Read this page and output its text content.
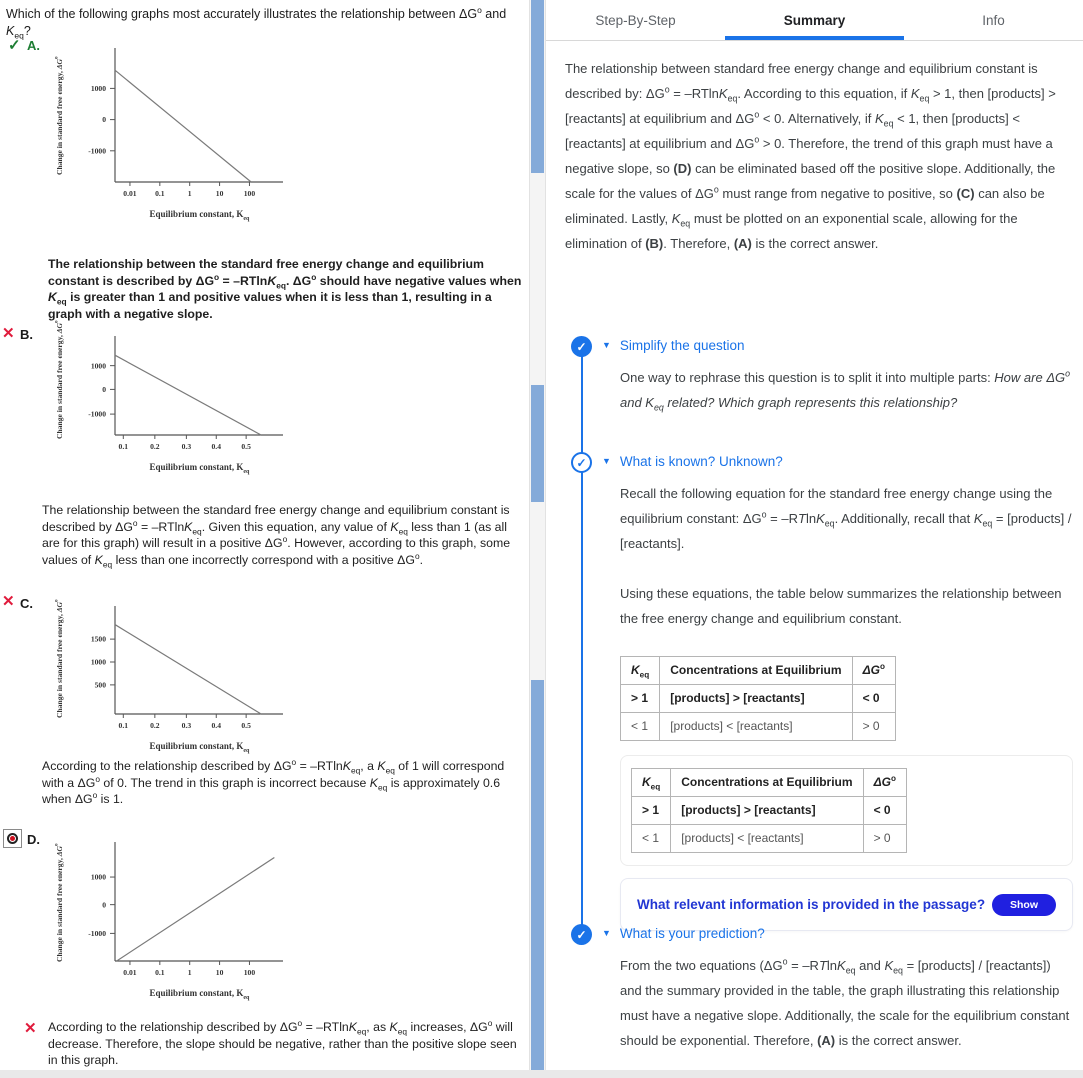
Which of the following graphs most accurately illustrates the relationship between $\Delta G^o$ and $K_{eq}$?
✓ A.
Change in standard free energy, $\Delta G^o$
1000
0
-1000
0.01 0.1	1	10	100
Equilibrium constant, $K_{eq}$
The relationship between the standard free energy change and equilibrium constant is described by $\Delta G^o = -RTlnK_{eq}$. $\Delta G^o$ should have negative values when $K_{eq}$ is greater than 1 and positive values when it is less than 1, resulting in a graph with a negative slope.
✕ B.	Change in standard free energy, $\Delta G^o$
1000
0
-1000
0.1	0.2	0.3	0.4	0.5
Equilibrium constant, $K_{eq}$
The relationship between the standard free energy change and equilibrium constant is described by $\Delta G^o = -RTlnK_{eq}$. Given this equation, any value of $K_{eq}$ less than 1 (as all are for this graph) will result in a positive $\Delta G^o$. However, according to this graph, some values of $K_{eq}$ less than one incorrectly correspond with a positive $\Delta G^o$.
✕ C.
Change in standard free energy, $\Delta G^o$
1500
1000
500
0.1	0.2	0.3	0.4	0.5
Equilibrium constant, $K_{eq}$
According to the relationship described by $\Delta G^o = -RTlnK_{eq}$, a $K_{eq}$ of 1 will correspond with a $\Delta G^o$ of 0. The trend in this graph is incorrect because $K_{eq}$ is approximately 0.6 when $\Delta G^o$ is 1.
D.
Change in standard free energy, $\Delta G^o$
1000
0
-1000
0.01 0.1	1	10	100
Equilibrium constant, $K_{eq}$
✕ According to the relationship described by $\Delta G^o = -RTlnK_{eq}$, as $K_{eq}$ increases, $\Delta G^o$ will decrease. Therefore, the slope should be negative, rather than the positive slope seen in this graph.
Step-By-Step	Summary	Info
The relationship between standard free energy change and equilibrium constant is described by: $\Delta G^o = -RTlnK_{eq}$. According to this equation, if $K_{eq} > 1$, then [products] > [reactants] at equilibrium and $\Delta G^o < 0$. Alternatively, if $K_{eq} < 1$, then [products] < [reactants] at equilibrium and $\Delta G^o > 0$. Therefore, the trend of this graph must have a negative slope, so (D) can be eliminated based off the positive slope. Additionally, the scale for the values of $\Delta G^o$ must range from negative to positive, so (C) can also be eliminated. Lastly, $K_{eq}$ must be plotted on an exponential scale, allowing for the elimination of (B). Therefore, (A) is the correct answer.
✓	▼ Simplify the question

One way to rephrase this question is to split it into multiple parts: How are $\Delta G^o$ and $K_{eq}$ related? Which graph represents this relationship?

✓	▼ What is known? Unknown?

Recall the following equation for the standard free energy change using the equilibrium constant: $\Delta G^o = -RTlnK_{eq}$. Additionally, recall that $K_{eq}$ = [products] / [reactants].

Using these equations, the table below summarizes the relationship between the free energy change and equilibrium constant.

$K_{eq}$	Concentrations at Equilibrium	$\Delta G^o$
> 1	[products] > [reactants]	< 0
< 1	[products] < [reactants]	> 0
$K_{eq}$	Concentrations at Equilibrium	$\Delta G^o$
> 1	[products] > [reactants]	< 0
< 1	[products] < [reactants]	> 0
What relevant information is provided in the passage?	Show
✓	▼ What is your prediction?

From the two equations ($\Delta G^o = -RTlnK_{eq}$ and $K_{eq}$ = [products] / [reactants]) and the summary provided in the table, the graph illustrating this relationship must have a negative slope. Additionally, the scale for the equilibrium constant should be exponential. Therefore, (A) is the correct answer.
